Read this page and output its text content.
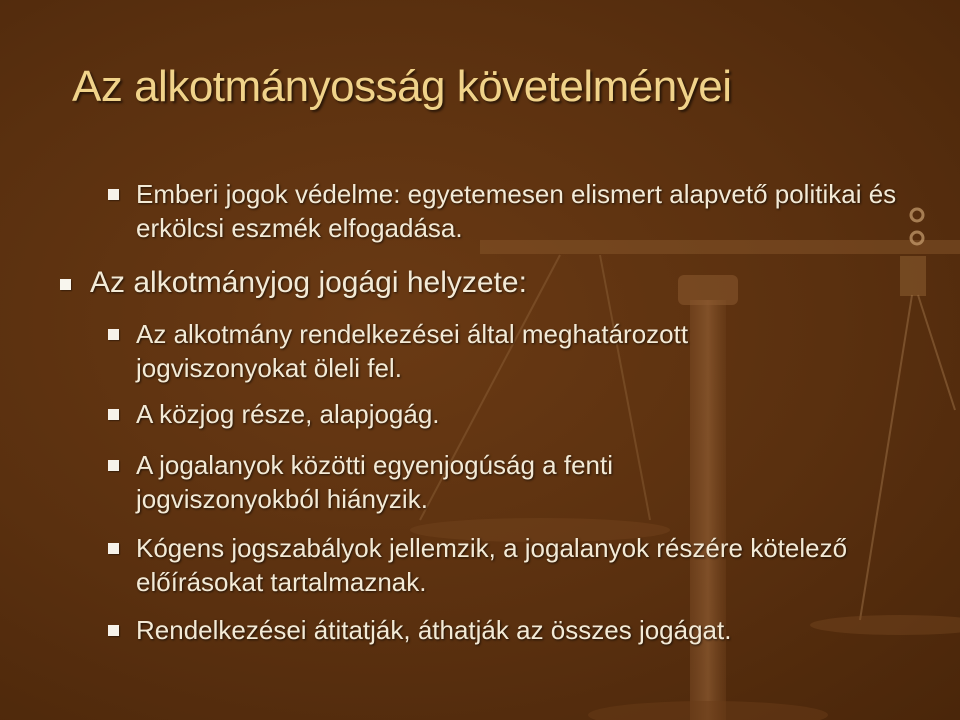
Az alkotmányosság követelményei
Emberi jogok védelme: egyetemesen elismert alapvető politikai és erkölcsi eszmék elfogadása.
Az alkotmányjog jogági helyzete:
Az alkotmány rendelkezései által meghatározott jogviszonyokat öleli fel.
A közjog része, alapjogág.
A jogalanyok közötti egyenjogúság a fenti jogviszonyokból hiányzik.
Kógens jogszabályok jellemzik, a jogalanyok részére kötelező előírásokat tartalmaznak.
Rendelkezései átitatják, áthatják az összes jogágat.
